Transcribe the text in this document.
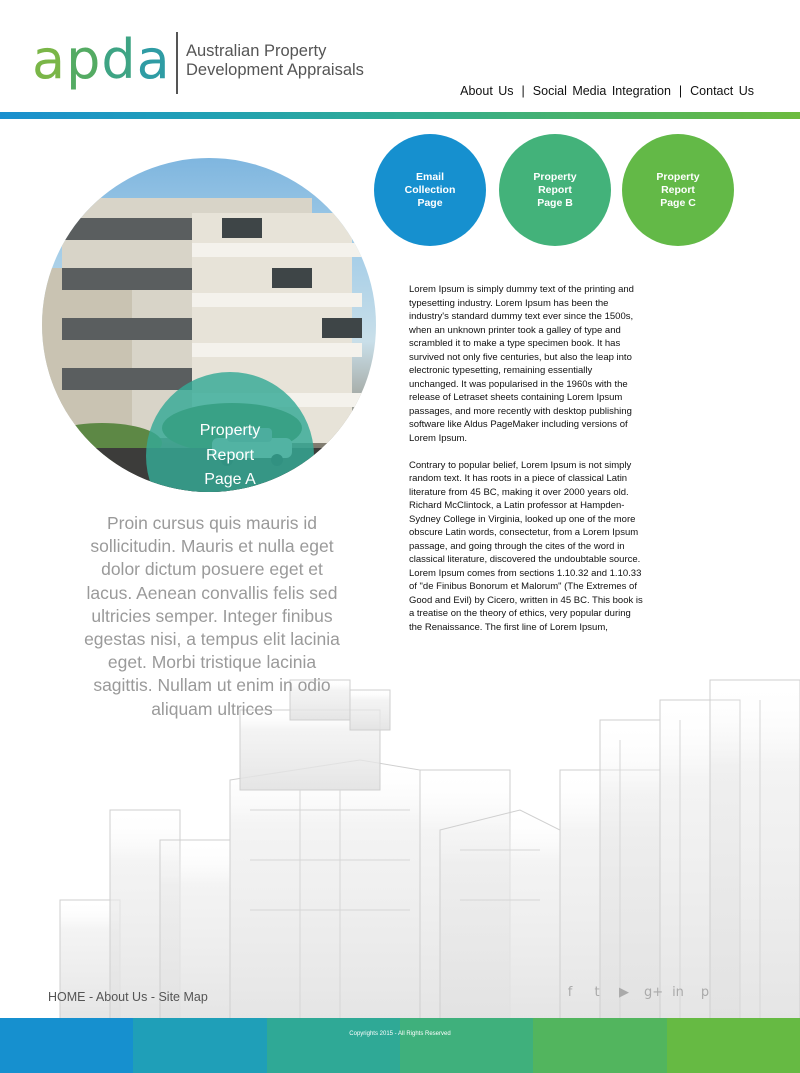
apda Australian Property
Development Appraisals
About Us | Social Media Integration | Contact Us
Email
Collection
Page
Property
Report
Page B
Property
Report
Page C
Property
Report
Page A

Lorem Ipsum is simply dummy text of the printing and typesetting industry. Lorem Ipsum has been the industry's standard dummy text ever since the 1500s, when an unknown printer took a galley of type and scrambled it to make a type specimen book. It has survived not only five centuries, but also the leap into electronic typesetting, remaining essentially unchanged. It was popularised in the 1960s with the release of Letraset sheets containing Lorem Ipsum passages, and more recently with desktop publishing software like Aldus PageMaker including versions of Lorem Ipsum.

Contrary to popular belief, Lorem Ipsum is not simply random text. It has roots in a piece of classical Latin literature from 45 BC, making it over 2000 years old. Richard McClintock, a Latin professor at Hampden-Sydney College in Virginia, looked up one of the more obscure Latin words, consectetur, from a Lorem Ipsum passage, and going through the cites of the word in classical literature, discovered the undoubtable source. Lorem Ipsum comes from sections 1.10.32 and 1.10.33 of "de Finibus Bonorum et Malorum" (The Extremes of Good and Evil) by Cicero, written in 45 BC. This book is a treatise on the theory of ethics, very popular during the Renaissance. The first line of Lorem Ipsum,

Proin cursus quis mauris id sollicitudin. Mauris et nulla eget dolor dictum posuere eget et lacus. Aenean convallis felis sed ultricies semper. Integer finibus egestas nisi, a tempus elit lacinia eget. Morbi tristique lacinia sagittis. Nullam ut enim in odio aliquam ultrices
HOME - About Us - Site Map	f	t	▶ g+ in p
Copyrights 2015 - All Rights Reserved
